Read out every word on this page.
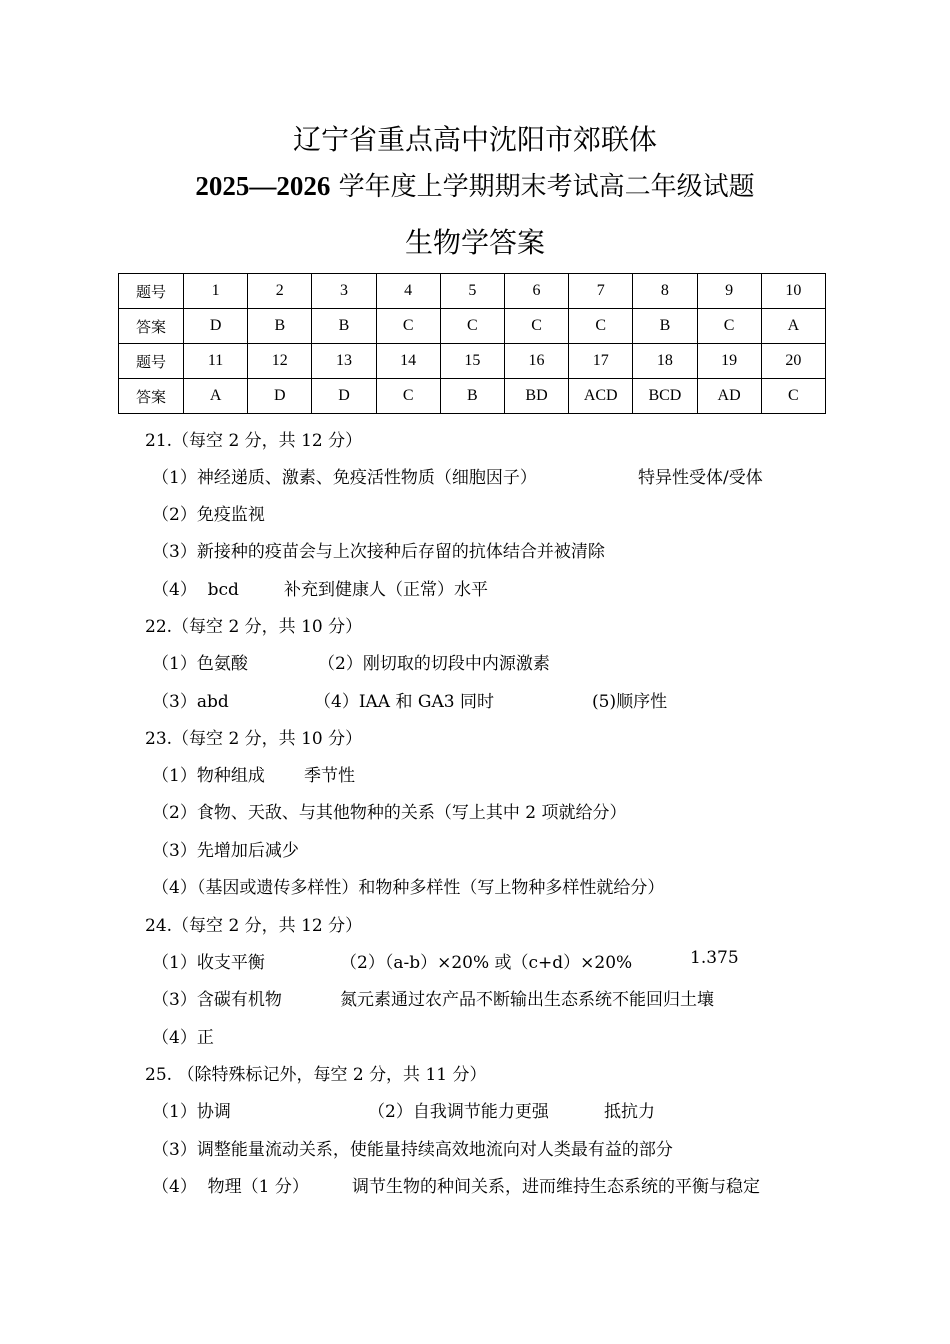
辽宁省重点高中沈阳市郊联体
2025—2026 学年度上学期期末考试高二年级试题
生物学答案
题号	1	2	3	4	5	6	7	8	9	10
答案	D	B	B	C	C	C	C	B	C	A
题号	11	12	13	14	15	16	17	18	19	20
答案	A	D	D	C	B	BD	ACD	BCD	AD	C
21.（每空 2 分，共 12 分）
（1）神经递质、激素、免疫活性物质（细胞因子）	特异性受体/受体
（2）免疫监视
（3）新接种的疫苗会与上次接种后存留的抗体结合并被清除
（4）  bcd	补充到健康人（正常）水平
22.（每空 2 分，共 10 分）
（1）色氨酸	（2）刚切取的切段中内源激素
（3）abd	（4）IAA 和 GA3 同时	(5)顺序性
23.（每空 2 分，共 10 分）
（1）物种组成 季节性
（2）食物、天敌、与其他物种的关系（写上其中 2 项就给分）
（3）先增加后减少
（4）（基因或遗传多样性）和物种多样性（写上物种多样性就给分）
24.（每空 2 分，共 12 分）
（1）收支平衡	（2）（a-b）×20% 或（c+d）×20%	1.375
（3）含碳有机物	氮元素通过农产品不断输出生态系统不能回归土壤
（4）正
25. （除特殊标记外，每空 2 分，共 11 分）
（1）协调	（2）自我调节能力更强	抵抗力
（3）调整能量流动关系，使能量持续高效地流向对人类最有益的部分
（4）  物理（1 分）	调节生物的种间关系，进而维持生态系统的平衡与稳定
